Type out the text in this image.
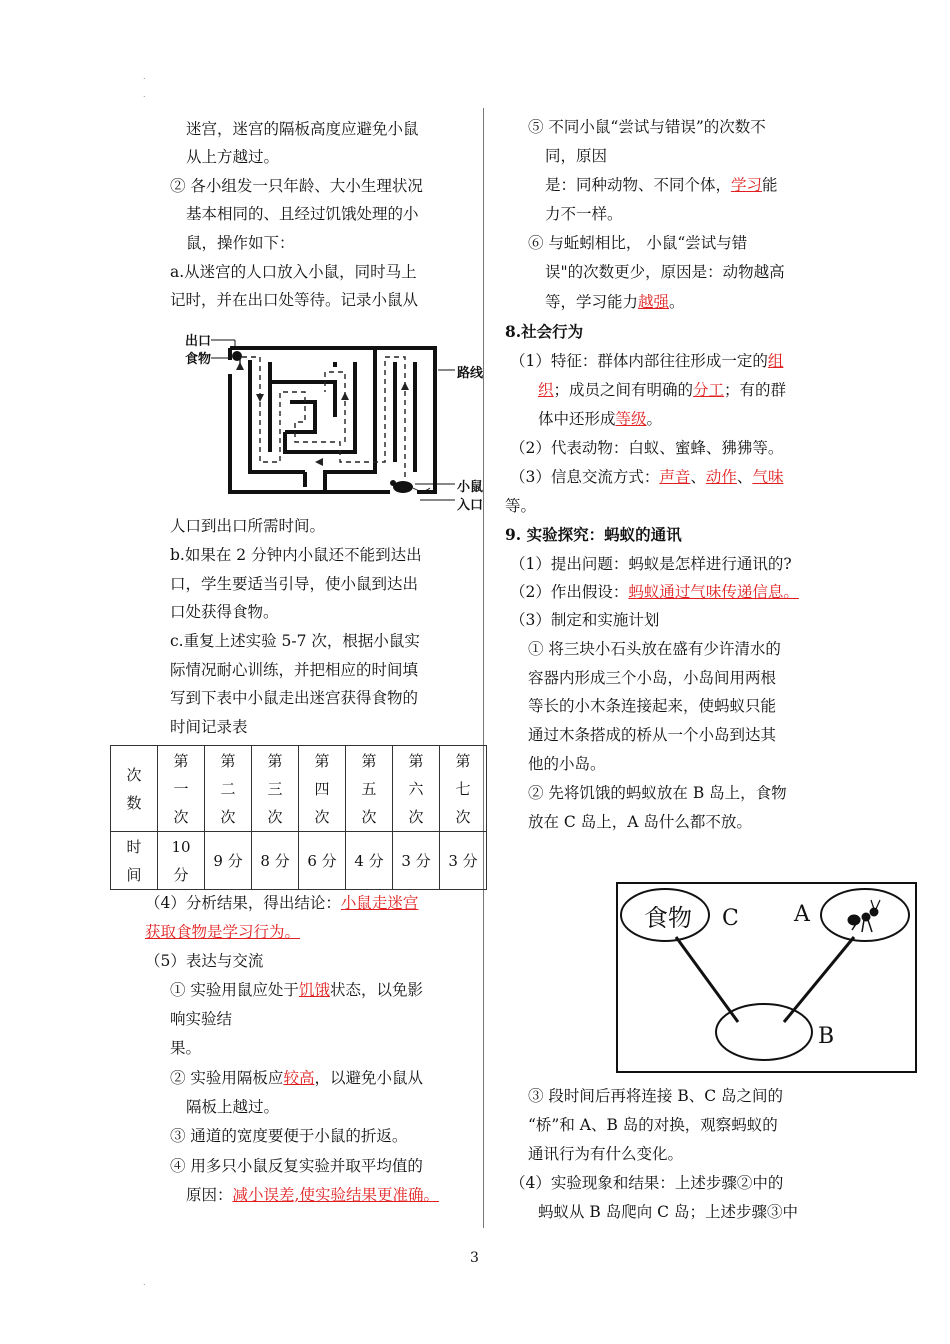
.
.
.
迷宫，迷宫的隔板高度应避免小鼠
从上方越过。
② 各小组发一只年龄、大小生理状况
基本相同的、且经过饥饿处理的小
鼠，操作如下：
a.从迷宫的人口放入小鼠，同时马上
记时，并在出口处等待。记录小鼠从
出口
食物
路线
小鼠
入口
人口到出口所需时间。
b.如果在 2 分钟内小鼠还不能到达出
口，学生要适当引导，使小鼠到达出
口处获得食物。
c.重复上述实验 5-7 次，根据小鼠实
际情况耐心训练，并把相应的时间填
写到下表中小鼠走出迷宫获得食物的
时间记录表
次
数	第
一
次	第
二
次	第
三
次	第
四
次	第
五
次	第
六
次	第
七
次
时
间	10
分	9 分	8 分	6 分	4 分	3 分	3 分
（4）分析结果，得出结论：小鼠走迷宫
获取食物是学习行为。
（5）表达与交流
① 实验用鼠应处于饥饿状态，以免影
响实验结
果。
② 实验用隔板应较高，以避免小鼠从
隔板上越过。
③ 通道的宽度要便于小鼠的折返。
④ 用多只小鼠反复实验并取平均值的
原因：减小误差,使实验结果更准确。
⑤ 不同小鼠“尝试与错误”的次数不
同，原因
是：同种动物、不同个体，学习能
力不一样。
⑥ 与蚯蚓相比， 小鼠“尝试与错
误"的次数更少，原因是：动物越高
等，学习能力越强。
8.社会行为
（1）特征：群体内部往往形成一定的组
织；成员之间有明确的分工；有的群
体中还形成等级。
（2）代表动物：白蚁、蜜蜂、狒狒等。
（3）信息交流方式：声音、动作、气味
等。
9. 实验探究：蚂蚁的通讯
（1）提出问题：蚂蚁是怎样进行通讯的?
（2）作出假设：蚂蚁通过气味传递信息。
（3）制定和实施计划
① 将三块小石头放在盛有少许清水的
容器内形成三个小岛，小岛间用两根
等长的小木条连接起来，使蚂蚁只能
通过木条搭成的桥从一个小岛到达其
他的小岛。
② 先将饥饿的蚂蚁放在 B 岛上，食物
放在 C 岛上，A 岛什么都不放。
食物 C	A
B
③ 段时间后再将连接 B、C 岛之间的
“桥”和 A、B 岛的对换，观察蚂蚁的
通讯行为有什么变化。
（4）实验现象和结果：上述步骤②中的
蚂蚁从 B 岛爬向 C 岛；上述步骤③中
3
